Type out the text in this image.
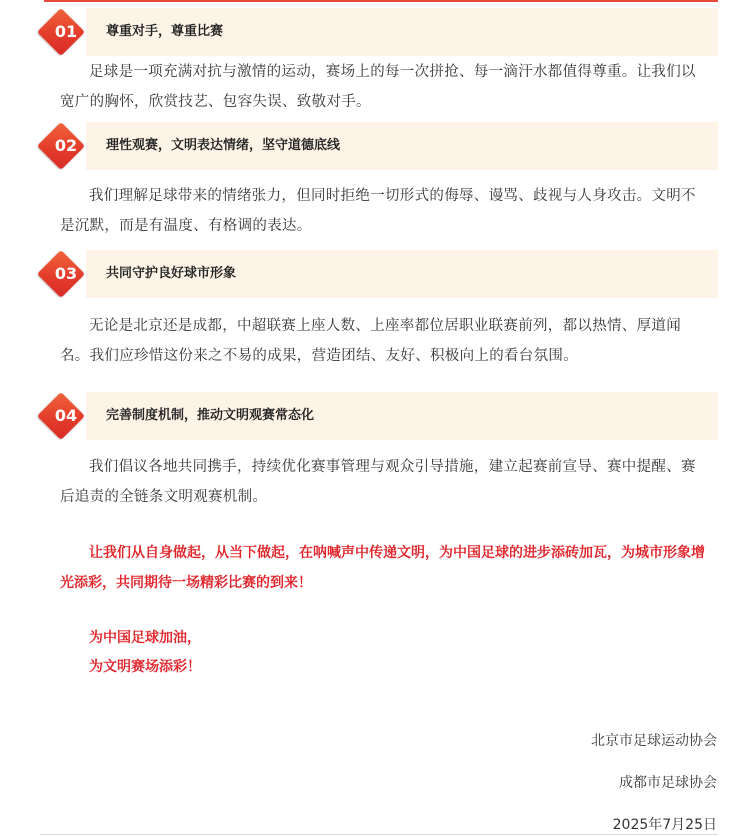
01	尊重对手，尊重比赛
足球是一项充满对抗与激情的运动，赛场上的每一次拼抢、每一滴汗水都值得尊重。让我们以宽广的胸怀，欣赏技艺、包容失误、致敬对手。
02	理性观赛，文明表达情绪，坚守道德底线
我们理解足球带来的情绪张力，但同时拒绝一切形式的侮辱、谩骂、歧视与人身攻击。文明不是沉默，而是有温度、有格调的表达。
03	共同守护良好球市形象
无论是北京还是成都，中超联赛上座人数、上座率都位居职业联赛前列，都以热情、厚道闻名。我们应珍惜这份来之不易的成果，营造团结、友好、积极向上的看台氛围。
04	完善制度机制，推动文明观赛常态化
我们倡议各地共同携手，持续优化赛事管理与观众引导措施，建立起赛前宣导、赛中提醒、赛后追责的全链条文明观赛机制。
让我们从自身做起，从当下做起，在呐喊声中传递文明，为中国足球的进步添砖加瓦，为城市形象增光添彩，共同期待一场精彩比赛的到来！
为中国足球加油，
为文明赛场添彩！
北京市足球运动协会
成都市足球协会
2025年7月25日
